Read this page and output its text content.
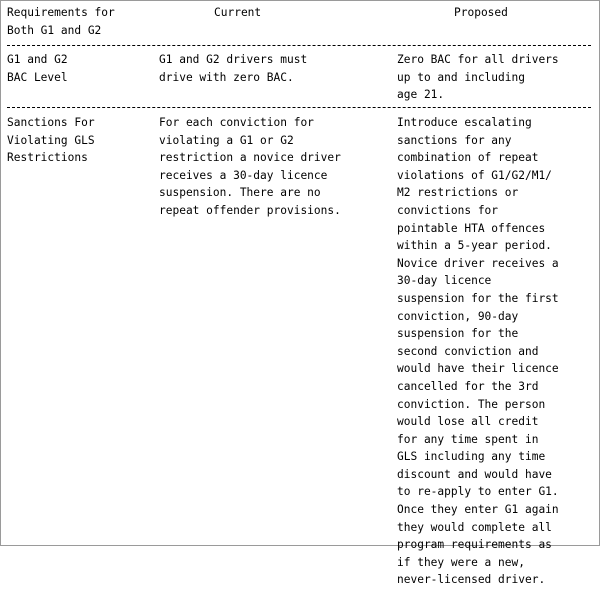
Requirements for
Both G1 and G2
Current	Proposed
G1 and G2
BAC Level
G1 and G2 drivers must
drive with zero BAC.
Zero BAC for all drivers
up to and including
age 21.
Sanctions For
Violating GLS
Restrictions
For each conviction for
violating a G1 or G2
restriction a novice driver
receives a 30-day licence
suspension. There are no
repeat offender provisions.
Introduce escalating
sanctions for any
combination of repeat
violations of G1/G2/M1/
M2 restrictions or
convictions for
pointable HTA offences
within a 5-year period.
Novice driver receives a
30-day licence
suspension for the first
conviction, 90-day
suspension for the
second conviction and
would have their licence
cancelled for the 3rd
conviction. The person
would lose all credit
for any time spent in
GLS including any time
discount and would have
to re-apply to enter G1.
Once they enter G1 again
they would complete all
program requirements as
if they were a new,
never-licensed driver.
